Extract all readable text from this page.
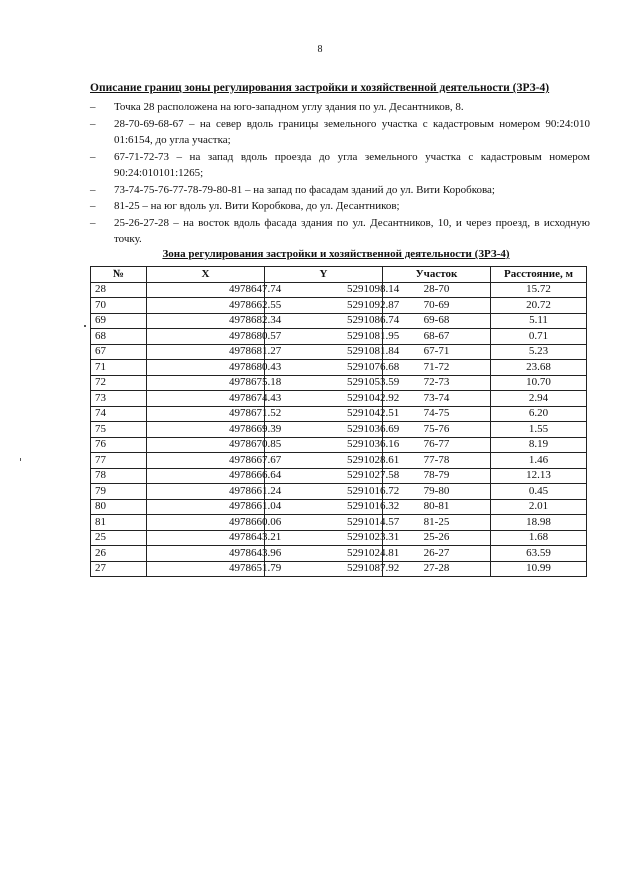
8
Описание границ зоны регулирования застройки и хозяйственной деятельности (ЗРЗ-4)
– Точка 28 расположена на юго-западном углу здания по ул. Десантников, 8.
– 28-70-69-68-67 – на север вдоль границы земельного участка с кадастровым номером 90:24:010 01:6154, до угла участка;
– 67-71-72-73 – на запад вдоль проезда до угла земельного участка с кадастровым номером 90:24:010101:1265;
– 73-74-75-76-77-78-79-80-81 – на запад по фасадам зданий до ул. Вити Коробкова;
– 81-25 – на юг вдоль ул. Вити Коробкова, до ул. Десантников;
– 25-26-27-28 – на восток вдоль фасада здания по ул. Десантников, 10, и через проезд, в исходную точку.
Зона регулирования застройки и хозяйственной деятельности (ЗРЗ-4)
№	X	Y	Участок	Расстояние, м
28	4978647.74	5291098.14	28-70	15.72
70	4978662.55	5291092.87	70-69	20.72
69	4978682.34	5291086.74	69-68	5.11
68	4978680.57	5291081.95	68-67	0.71
67	4978681.27	5291081.84	67-71	5.23
71	4978680.43	5291076.68	71-72	23.68
72	4978675.18	5291053.59	72-73	10.70
73	4978674.43	5291042.92	73-74	2.94
74	4978671.52	5291042.51	74-75	6.20
75	4978669.39	5291036.69	75-76	1.55
76	4978670.85	5291036.16	76-77	8.19
77	4978667.67	5291028.61	77-78	1.46
78	4978666.64	5291027.58	78-79	12.13
79	4978661.24	5291016.72	79-80	0.45
80	4978661.04	5291016.32	80-81	2.01
81	4978660.06	5291014.57	81-25	18.98
25	4978643.21	5291023.31	25-26	1.68
26	4978643.96	5291024.81	26-27	63.59
27	4978651.79	5291087.92	27-28	10.99
